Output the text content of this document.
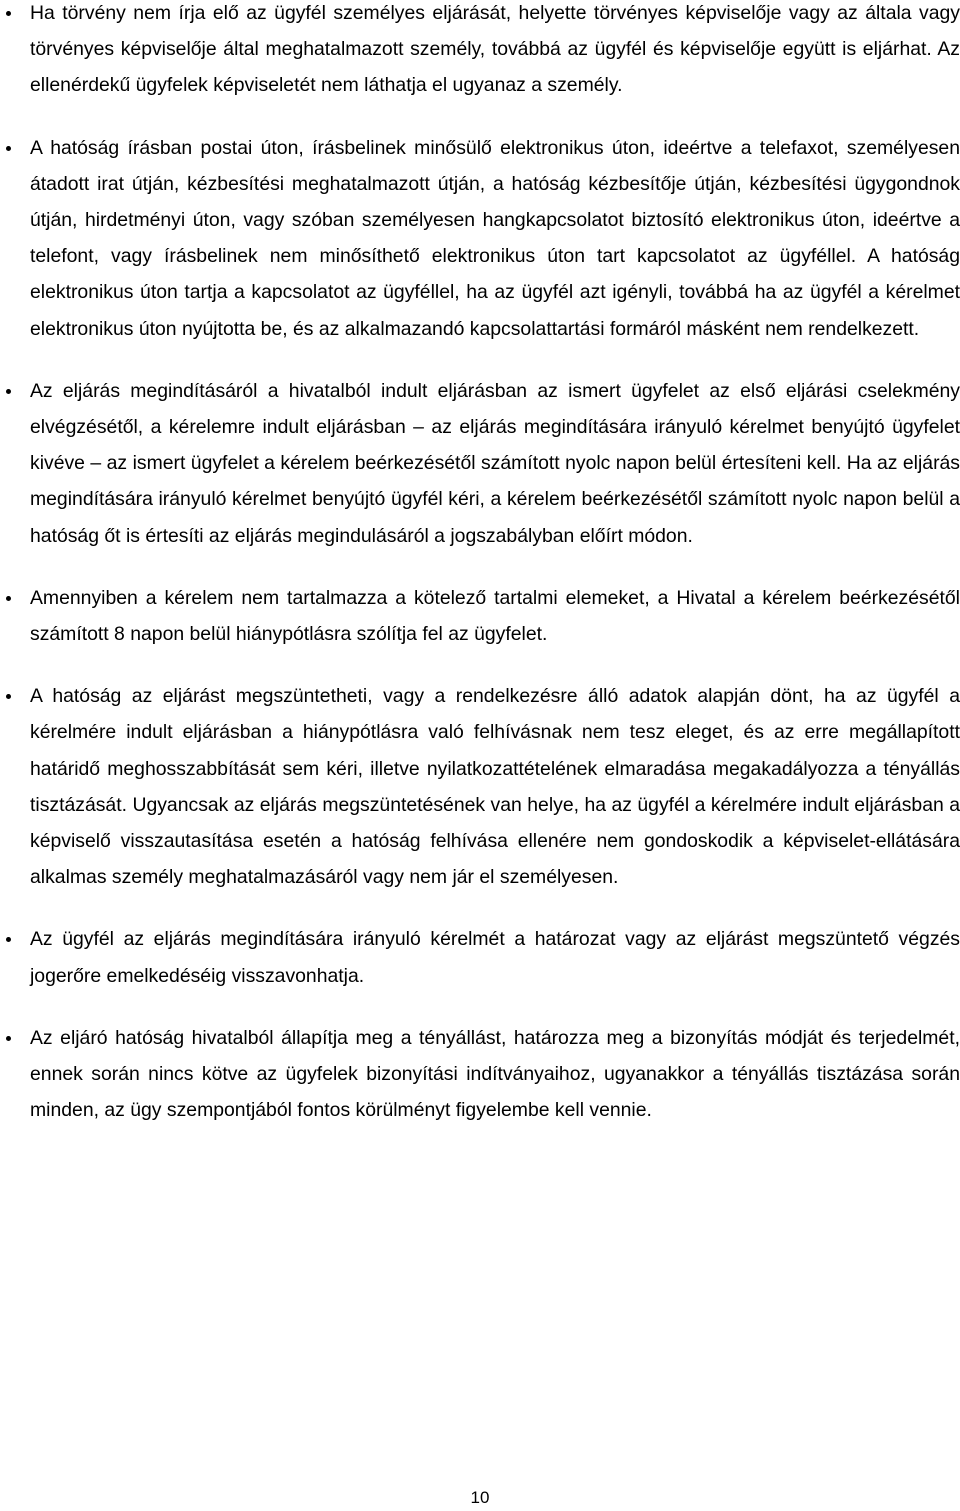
Ha törvény nem írja elő az ügyfél személyes eljárását, helyette törvényes képviselője vagy az általa vagy törvényes képviselője által meghatalmazott személy, továbbá az ügyfél és képviselője együtt is eljárhat. Az ellenérdekű ügyfelek képviseletét nem láthatja el ugyanaz a személy.
A hatóság írásban postai úton, írásbelinek minősülő elektronikus úton, ideértve a telefaxot, személyesen átadott irat útján, kézbesítési meghatalmazott útján, a hatóság kézbesítője útján, kézbesítési ügygondnok útján, hirdetményi úton, vagy szóban személyesen hangkapcsolatot biztosító elektronikus úton, ideértve a telefont, vagy írásbelinek nem minősíthető elektronikus úton tart kapcsolatot az ügyféllel. A hatóság elektronikus úton tartja a kapcsolatot az ügyféllel, ha az ügyfél azt igényli, továbbá ha az ügyfél a kérelmet elektronikus úton nyújtotta be, és az alkalmazandó kapcsolattartási formáról másként nem rendelkezett.
Az eljárás megindításáról a hivatalból indult eljárásban az ismert ügyfelet az első eljárási cselekmény elvégzésétől, a kérelemre indult eljárásban – az eljárás megindítására irányuló kérelmet benyújtó ügyfelet kivéve – az ismert ügyfelet a kérelem beérkezésétől számított nyolc napon belül értesíteni kell. Ha az eljárás megindítására irányuló kérelmet benyújtó ügyfél kéri, a kérelem beérkezésétől számított nyolc napon belül a hatóság őt is értesíti az eljárás megindulásáról a jogszabályban előírt módon.
Amennyiben a kérelem nem tartalmazza a kötelező tartalmi elemeket, a Hivatal a kérelem beérkezésétől számított 8 napon belül hiánypótlásra szólítja fel az ügyfelet.
A hatóság az eljárást megszüntetheti, vagy a rendelkezésre álló adatok alapján dönt, ha az ügyfél a kérelmére indult eljárásban a hiánypótlásra való felhívásnak nem tesz eleget, és az erre megállapított határidő meghosszabbítását sem kéri, illetve nyilatkozattételének elmaradása megakadályozza a tényállás tisztázását. Ugyancsak az eljárás megszüntetésének van helye, ha az ügyfél a kérelmére indult eljárásban a képviselő visszautasítása esetén a hatóság felhívása ellenére nem gondoskodik a képviselet-ellátására alkalmas személy meghatalmazásáról vagy nem jár el személyesen.
Az ügyfél az eljárás megindítására irányuló kérelmét a határozat vagy az eljárást megszüntető végzés jogerőre emelkedéséig visszavonhatja.
Az eljáró hatóság hivatalból állapítja meg a tényállást, határozza meg a bizonyítás módját és terjedelmét, ennek során nincs kötve az ügyfelek bizonyítási indítványaihoz, ugyanakkor a tényállás tisztázása során minden, az ügy szempontjából fontos körülményt figyelembe kell vennie.
10
